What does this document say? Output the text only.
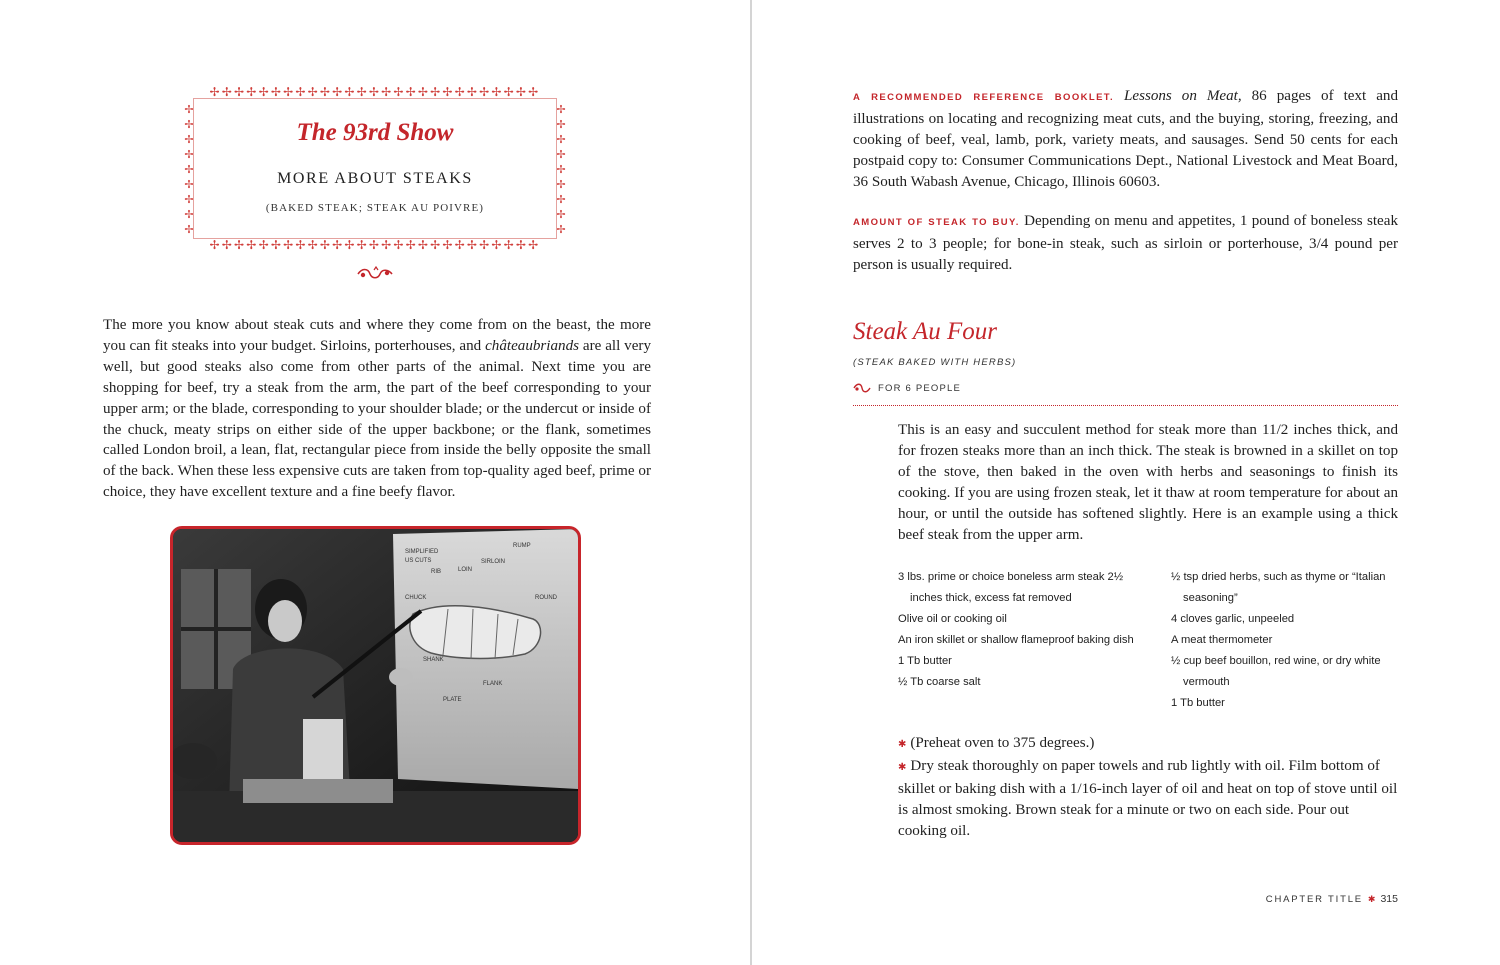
✢✢✢✢✢✢✢✢✢✢✢✢✢✢✢✢✢✢✢✢✢✢✢✢✢✢✢
✢✢✢✢✢✢✢✢✢✢✢✢✢✢✢✢✢✢✢✢✢✢✢✢✢✢✢
✢
✢
✢
✢
✢
✢
✢
✢
✢
✢
✢
✢
✢
✢
✢
✢
✢
✢
The 93rd Show
MORE ABOUT STEAKS
(BAKED STEAK; STEAK AU POIVRE)

The more you know about steak cuts and where they come from on the beast, the more you can fit steaks into your budget. Sirloins, porterhouses, and châteaubriands are all very well, but good steaks also come from other parts of the animal. Next time you are shopping for beef, try a steak from the arm, the part of the beef corresponding to your upper arm; or the blade, corresponding to your shoulder blade; or the undercut or inside of the chuck, meaty strips on either side of the upper backbone; or the flank, sometimes called London broil, a lean, flat, rectangular piece from inside the belly opposite the small of the back. When these less expensive cuts are taken from top-quality aged beef, prime or choice, they have excellent texture and a fine beefy flavor.

SIMPLIFIED
US CUTS
RIB	LOIN
SIRLOIN
RUMP
CHUCK	ROUND
FLANK
PLATE
SHANK

A RECOMMENDED REFERENCE BOOKLET. Lessons on Meat, 86 pages of text and illustrations on locating and recognizing meat cuts, and the buying, storing, freezing, and cooking of beef, veal, lamb, pork, variety meats, and sausages. Send 50 cents for each postpaid copy to: Consumer Communications Dept., National Livestock and Meat Board, 36 South Wabash Avenue, Chicago, Illinois 60603.

AMOUNT OF STEAK TO BUY. Depending on menu and appetites, 1 pound of boneless steak serves 2 to 3 people; for bone-in steak, such as sirloin or porterhouse, 3/4 pound per person is usually required.

Steak Au Four

(STEAK BAKED WITH HERBS)

FOR 6 PEOPLE

This is an easy and succulent method for steak more than 11/2 inches thick, and for frozen steaks more than an inch thick. The steak is browned in a skillet on top of the stove, then baked in the oven with herbs and seasonings to finish its cooking. If you are using frozen steak, let it thaw at room temperature for about an hour, or until the outside has softened slightly. Here is an example using a thick beef steak from the upper arm.

3 lbs. prime or choice boneless arm steak 2½ inches thick, excess fat removed
Olive oil or cooking oil
An iron skillet or shallow flameproof baking dish
1 Tb butter
½ Tb coarse salt
½ tsp dried herbs, such as thyme or “Italian seasoning”
4 cloves garlic, unpeeled
A meat thermometer
½ cup beef bouillon, red wine, or dry white vermouth
1 Tb butter

✱ (Preheat oven to 375 degrees.)

✱ Dry steak thoroughly on paper towels and rub lightly with oil. Film bottom of skillet or baking dish with a 1/16-inch layer of oil and heat on top of stove until oil is almost smoking. Brown steak for a minute or two on each side. Pour out cooking oil.

CHAPTER TITLE ✱ 315
